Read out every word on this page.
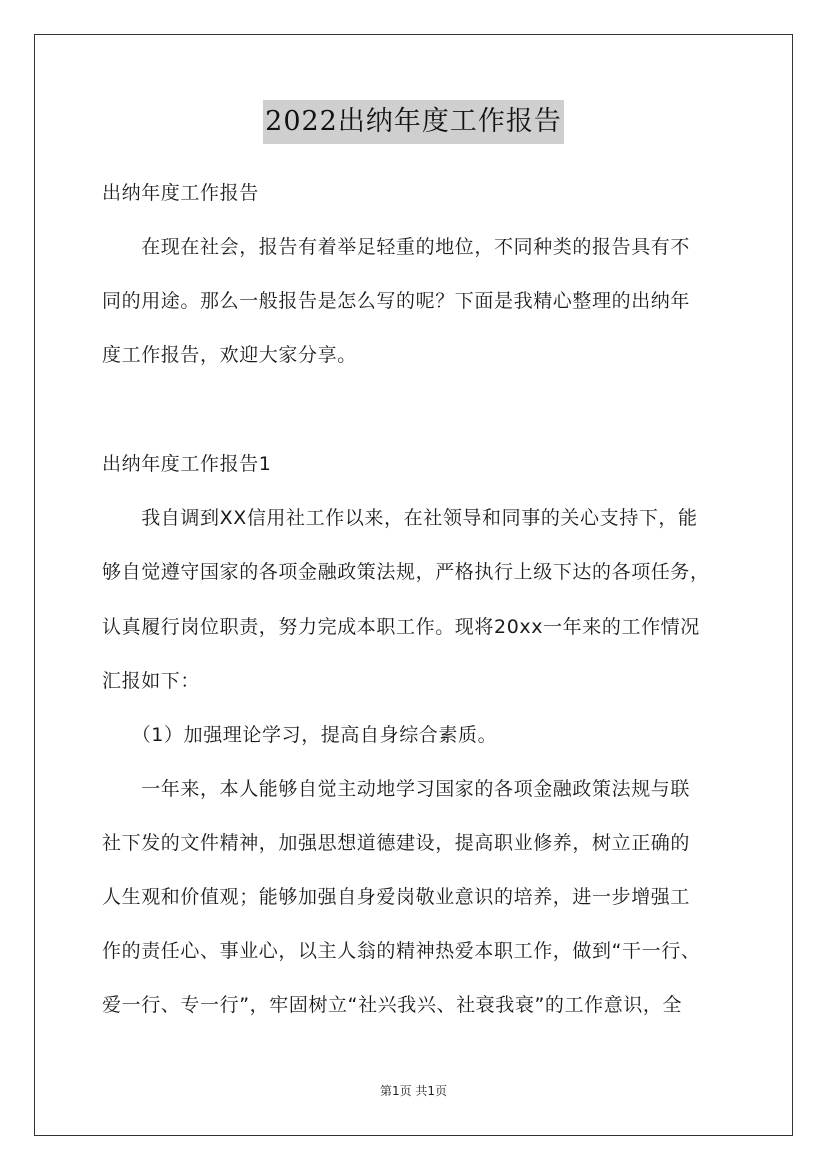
2022出纳年度工作报告
出纳年度工作报告
　　在现在社会，报告有着举足轻重的地位，不同种类的报告具有不
同的用途。那么一般报告是怎么写的呢？下面是我精心整理的出纳年
度工作报告，欢迎大家分享。
出纳年度工作报告1
　　我自调到XX信用社工作以来，在社领导和同事的关心支持下，能
够自觉遵守国家的各项金融政策法规，严格执行上级下达的各项任务，
认真履行岗位职责，努力完成本职工作。现将20xx一年来的工作情况
汇报如下：
　　（1）加强理论学习，提高自身综合素质。
　　一年来，本人能够自觉主动地学习国家的各项金融政策法规与联
社下发的文件精神，加强思想道德建设，提高职业修养，树立正确的
人生观和价值观；能够加强自身爱岗敬业意识的培养，进一步增强工
作的责任心、事业心，以主人翁的精神热爱本职工作，做到“干一行、
爱一行、专一行”，牢固树立“社兴我兴、社衰我衰”的工作意识，全
第1页 共1页
